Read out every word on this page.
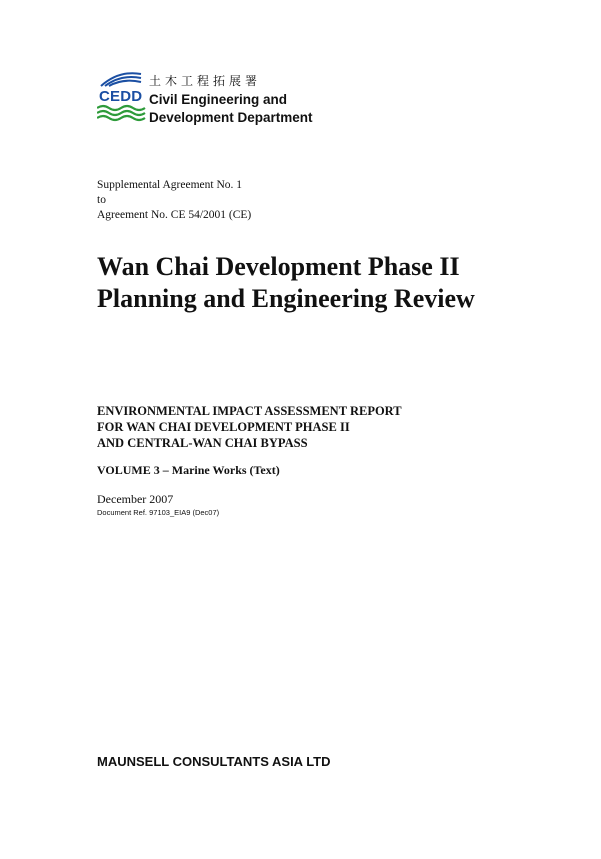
CEDD
土木工程拓展署
Civil Engineering and
Development Department
Supplemental Agreement No. 1
to
Agreement No. CE 54/2001 (CE)
Wan Chai Development Phase II
Planning and Engineering Review
ENVIRONMENTAL IMPACT ASSESSMENT REPORT
FOR WAN CHAI DEVELOPMENT PHASE II
AND CENTRAL-WAN CHAI BYPASS
VOLUME 3 – Marine Works (Text)
December 2007
Document Ref. 97103_EIA9 (Dec07)
MAUNSELL CONSULTANTS ASIA LTD
